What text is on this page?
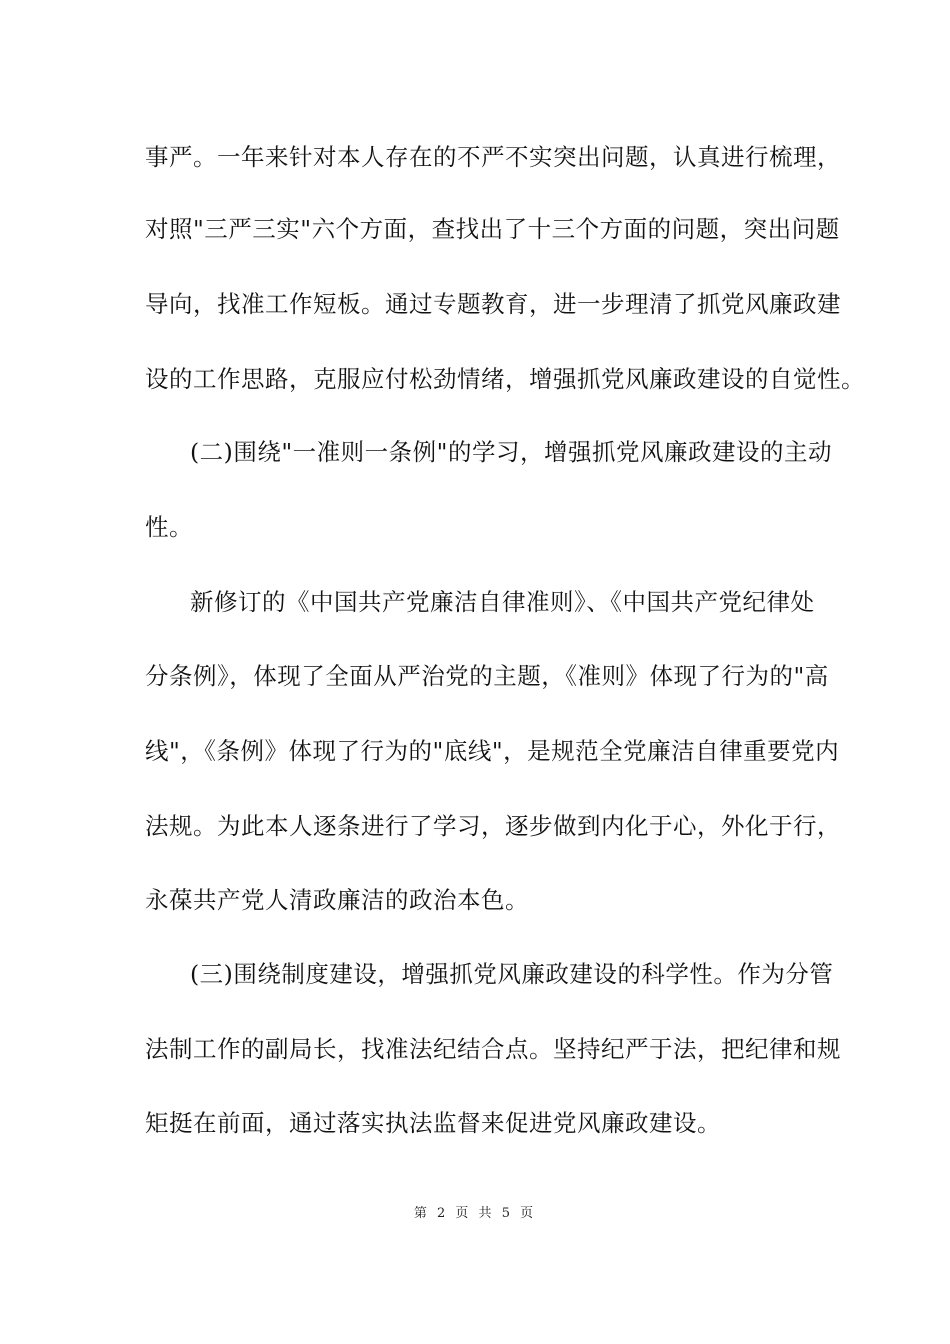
事严。一年来针对本人存在的不严不实突出问题，认真进行梳理，
对照"三严三实"六个方面，查找出了十三个方面的问题，突出问题
导向，找准工作短板。通过专题教育，进一步理清了抓党风廉政建
设的工作思路，克服应付松劲情绪，增强抓党风廉政建设的自觉性。
(二)围绕"一准则一条例"的学习，增强抓党风廉政建设的主动
性。
新修订的《中国共产党廉洁自律准则》、《中国共产党纪律处
分条例》，体现了全面从严治党的主题，《准则》体现了行为的"高
线"，《条例》体现了行为的"底线"，是规范全党廉洁自律重要党内
法规。为此本人逐条进行了学习，逐步做到内化于心，外化于行，
永葆共产党人清政廉洁的政治本色。
(三)围绕制度建设，增强抓党风廉政建设的科学性。作为分管
法制工作的副局长，找准法纪结合点。坚持纪严于法，把纪律和规
矩挺在前面，通过落实执法监督来促进党风廉政建设。
第 2 页 共 5 页
